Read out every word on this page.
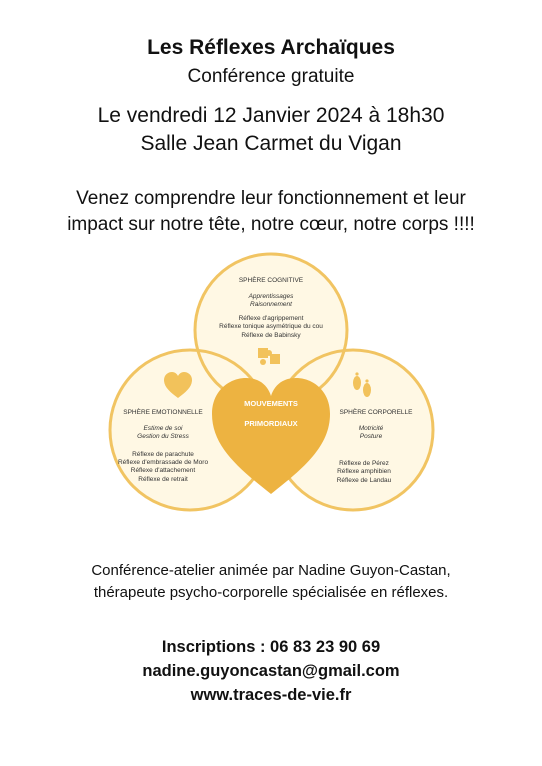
Les Réflexes Archaïques
Conférence gratuite
Le vendredi 12 Janvier 2024 à 18h30
Salle Jean Carmet du Vigan
Venez comprendre leur fonctionnement et leur
impact sur notre tête, notre cœur, notre corps !!!!
MOUVEMENTS
PRIMORDIAUX
SPHÈRE COGNITIVE
Apprentissages
Raisonnement
Réflexe d'agrippement
Réflexe tonique asymétrique du cou
Réflexe de Babinsky
SPHÈRE EMOTIONNELLE
Estime de soi
Gestion du Stress
Réflexe de parachute
Réflexe d'embrassade de Moro
Réflexe d'attachement
Réflexe de retrait
SPHÈRE CORPORELLE
Motricité
Posture
Réflexe de Pérez
Réflexe amphibien
Réflexe de Landau
Conférence-atelier animée par Nadine Guyon-Castan,
thérapeute psycho-corporelle spécialisée en réflexes.
Inscriptions : 06 83 23 90 69
nadine.guyoncastan@gmail.com
www.traces-de-vie.fr
